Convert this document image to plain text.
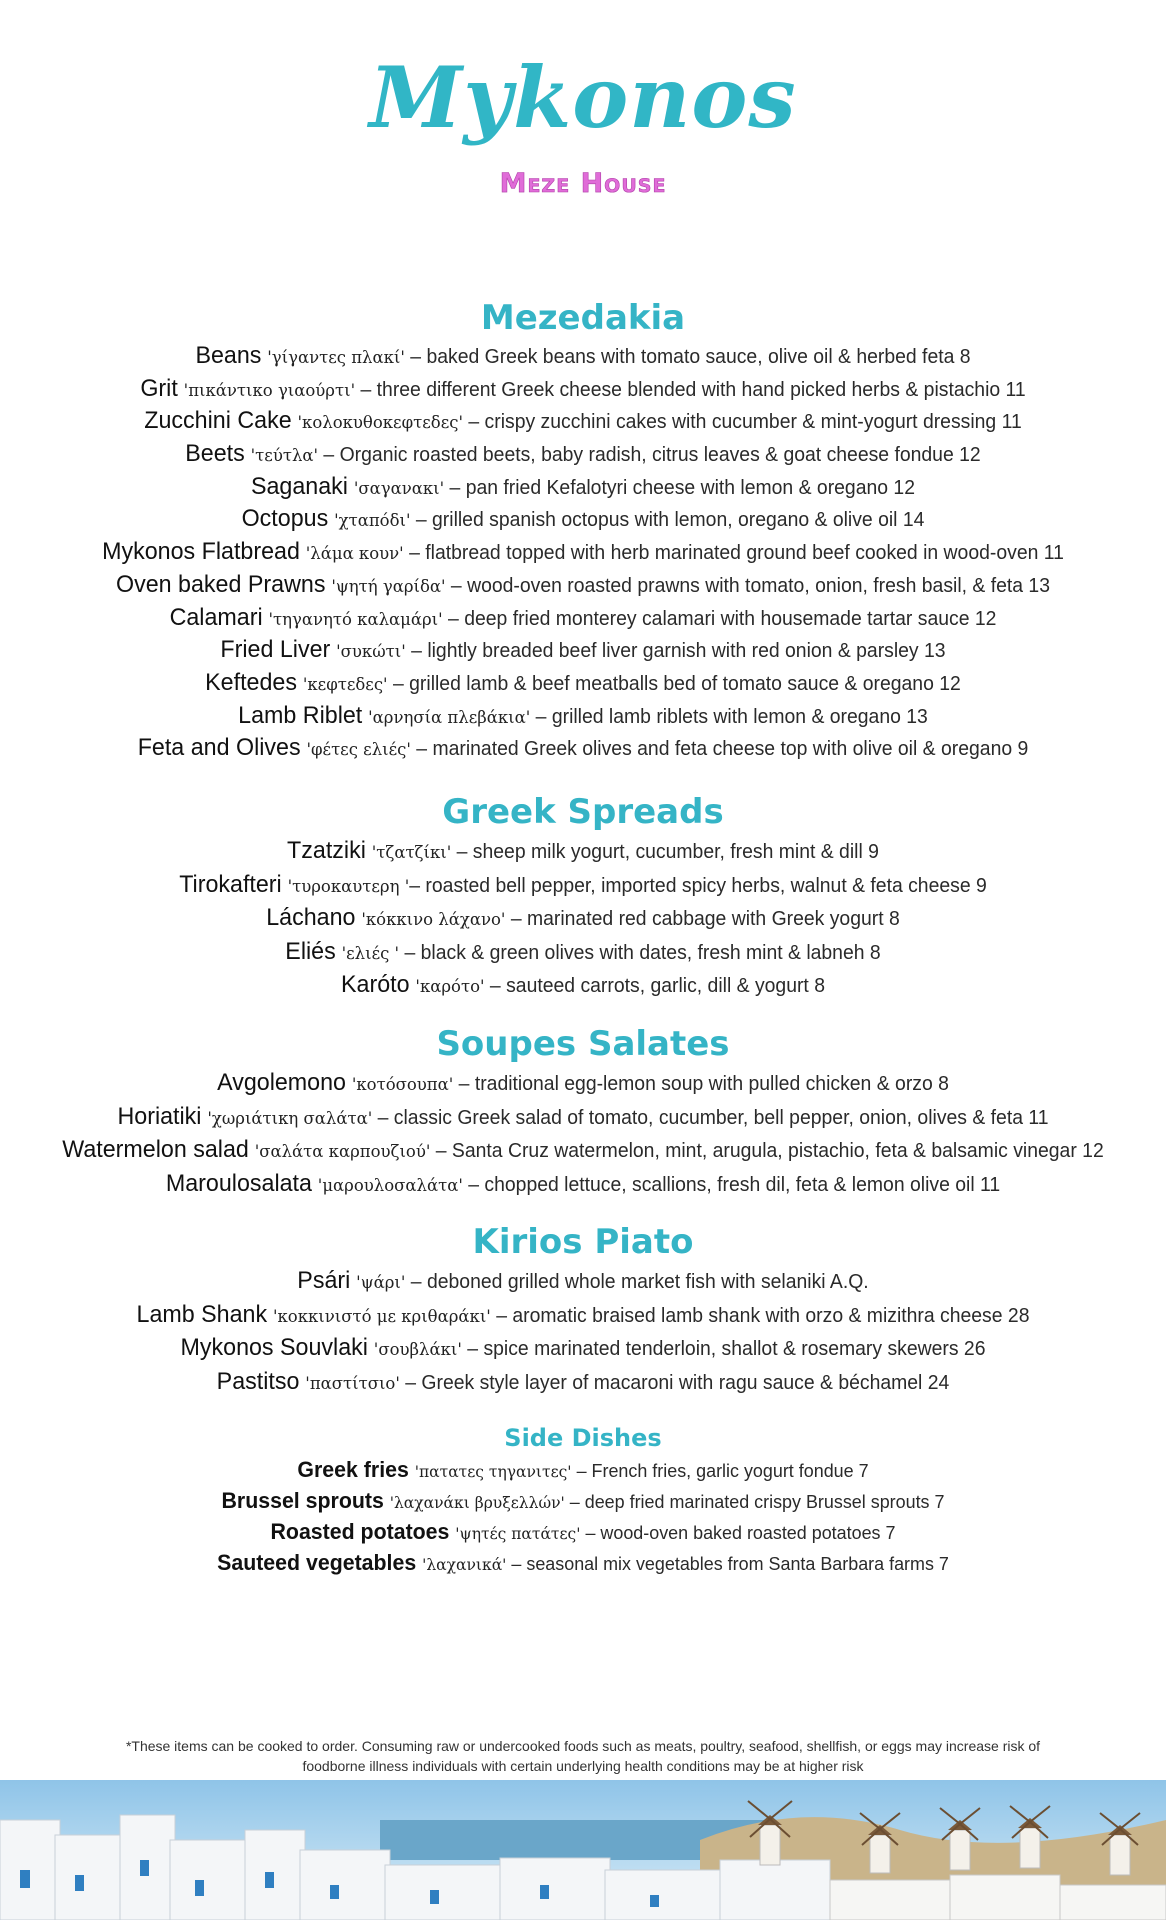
Mykonos
Meze House
Mezedakia
Beans 'γίγαντες πλακί' – baked Greek beans with tomato sauce, olive oil & herbed feta 8
Grit 'πικάντικο γιαούρτι' – three different Greek cheese blended with hand picked herbs & pistachio 11
Zucchini Cake 'κολοκυθοκεφτεδες' – crispy zucchini cakes with cucumber & mint-yogurt dressing 11
Beets 'τεύτλα' – Organic roasted beets, baby radish, citrus leaves & goat cheese fondue 12
Saganaki 'σαγανακι' – pan fried Kefalotyri cheese with lemon & oregano 12
Octopus 'χταπόδι' – grilled spanish octopus with lemon, oregano & olive oil 14
Mykonos Flatbread 'λάμα κουν' – flatbread topped with herb marinated ground beef cooked in wood-oven 11
Oven baked Prawns 'ψητή γαρίδα' – wood-oven roasted prawns with tomato, onion, fresh basil, & feta 13
Calamari 'τηγανητό καλαμάρι' – deep fried monterey calamari with housemade tartar sauce 12
Fried Liver 'συκώτι' – lightly breaded beef liver garnish with red onion & parsley 13
Keftedes 'κεφτεδες' – grilled lamb & beef meatballs bed of tomato sauce & oregano 12
Lamb Riblet 'αρνησία πλεβάκια' – grilled lamb riblets with lemon & oregano 13
Feta and Olives 'φέτες ελιές' – marinated Greek olives and feta cheese top with olive oil & oregano 9
Greek Spreads
Tzatziki 'τζατζίκι' – sheep milk yogurt, cucumber, fresh mint & dill 9
Tirokafteri 'τυροκαυτερη '– roasted bell pepper, imported spicy herbs, walnut & feta cheese 9
Láchano 'κόκκινο λάχανο' – marinated red cabbage with Greek yogurt 8
Eliés 'ελιές ' – black & green olives with dates, fresh mint & labneh 8
Karóto 'καρότο' – sauteed carrots, garlic, dill & yogurt 8
Soupes Salates
Avgolemono 'κοτόσουπα' – traditional egg-lemon soup with pulled chicken & orzo 8
Horiatiki 'χωριάτικη σαλάτα' – classic Greek salad of tomato, cucumber, bell pepper, onion, olives & feta 11
Watermelon salad 'σαλάτα καρπουζιού' – Santa Cruz watermelon, mint, arugula, pistachio, feta & balsamic vinegar 12
Maroulosalata 'μαρουλοσαλάτα' – chopped lettuce, scallions, fresh dil, feta & lemon olive oil 11
Kirios Piato
Psári 'ψάρι' – deboned grilled whole market fish with selaniki A.Q.
Lamb Shank 'κοκκινιστό με κριθαράκι' – aromatic braised lamb shank with orzo & mizithra cheese 28
Mykonos Souvlaki 'σουβλάκι' – spice marinated tenderloin, shallot & rosemary skewers 26
Pastitso 'παστίτσιο' – Greek style layer of macaroni with ragu sauce & béchamel 24
Side Dishes
Greek fries 'πατατες τηγανιτες' – French fries, garlic yogurt fondue 7
Brussel sprouts 'λαχανάκι βρυξελλών' – deep fried marinated crispy Brussel sprouts 7
Roasted potatoes 'ψητές πατάτες' – wood-oven baked roasted potatoes 7
Sauteed vegetables 'λαχανικά' – seasonal mix vegetables from Santa Barbara farms 7
*These items can be cooked to order. Consuming raw or undercooked foods such as meats, poultry, seafood, shellfish, or eggs may increase risk of
foodborne illness individuals with certain underlying health conditions may be at higher risk
